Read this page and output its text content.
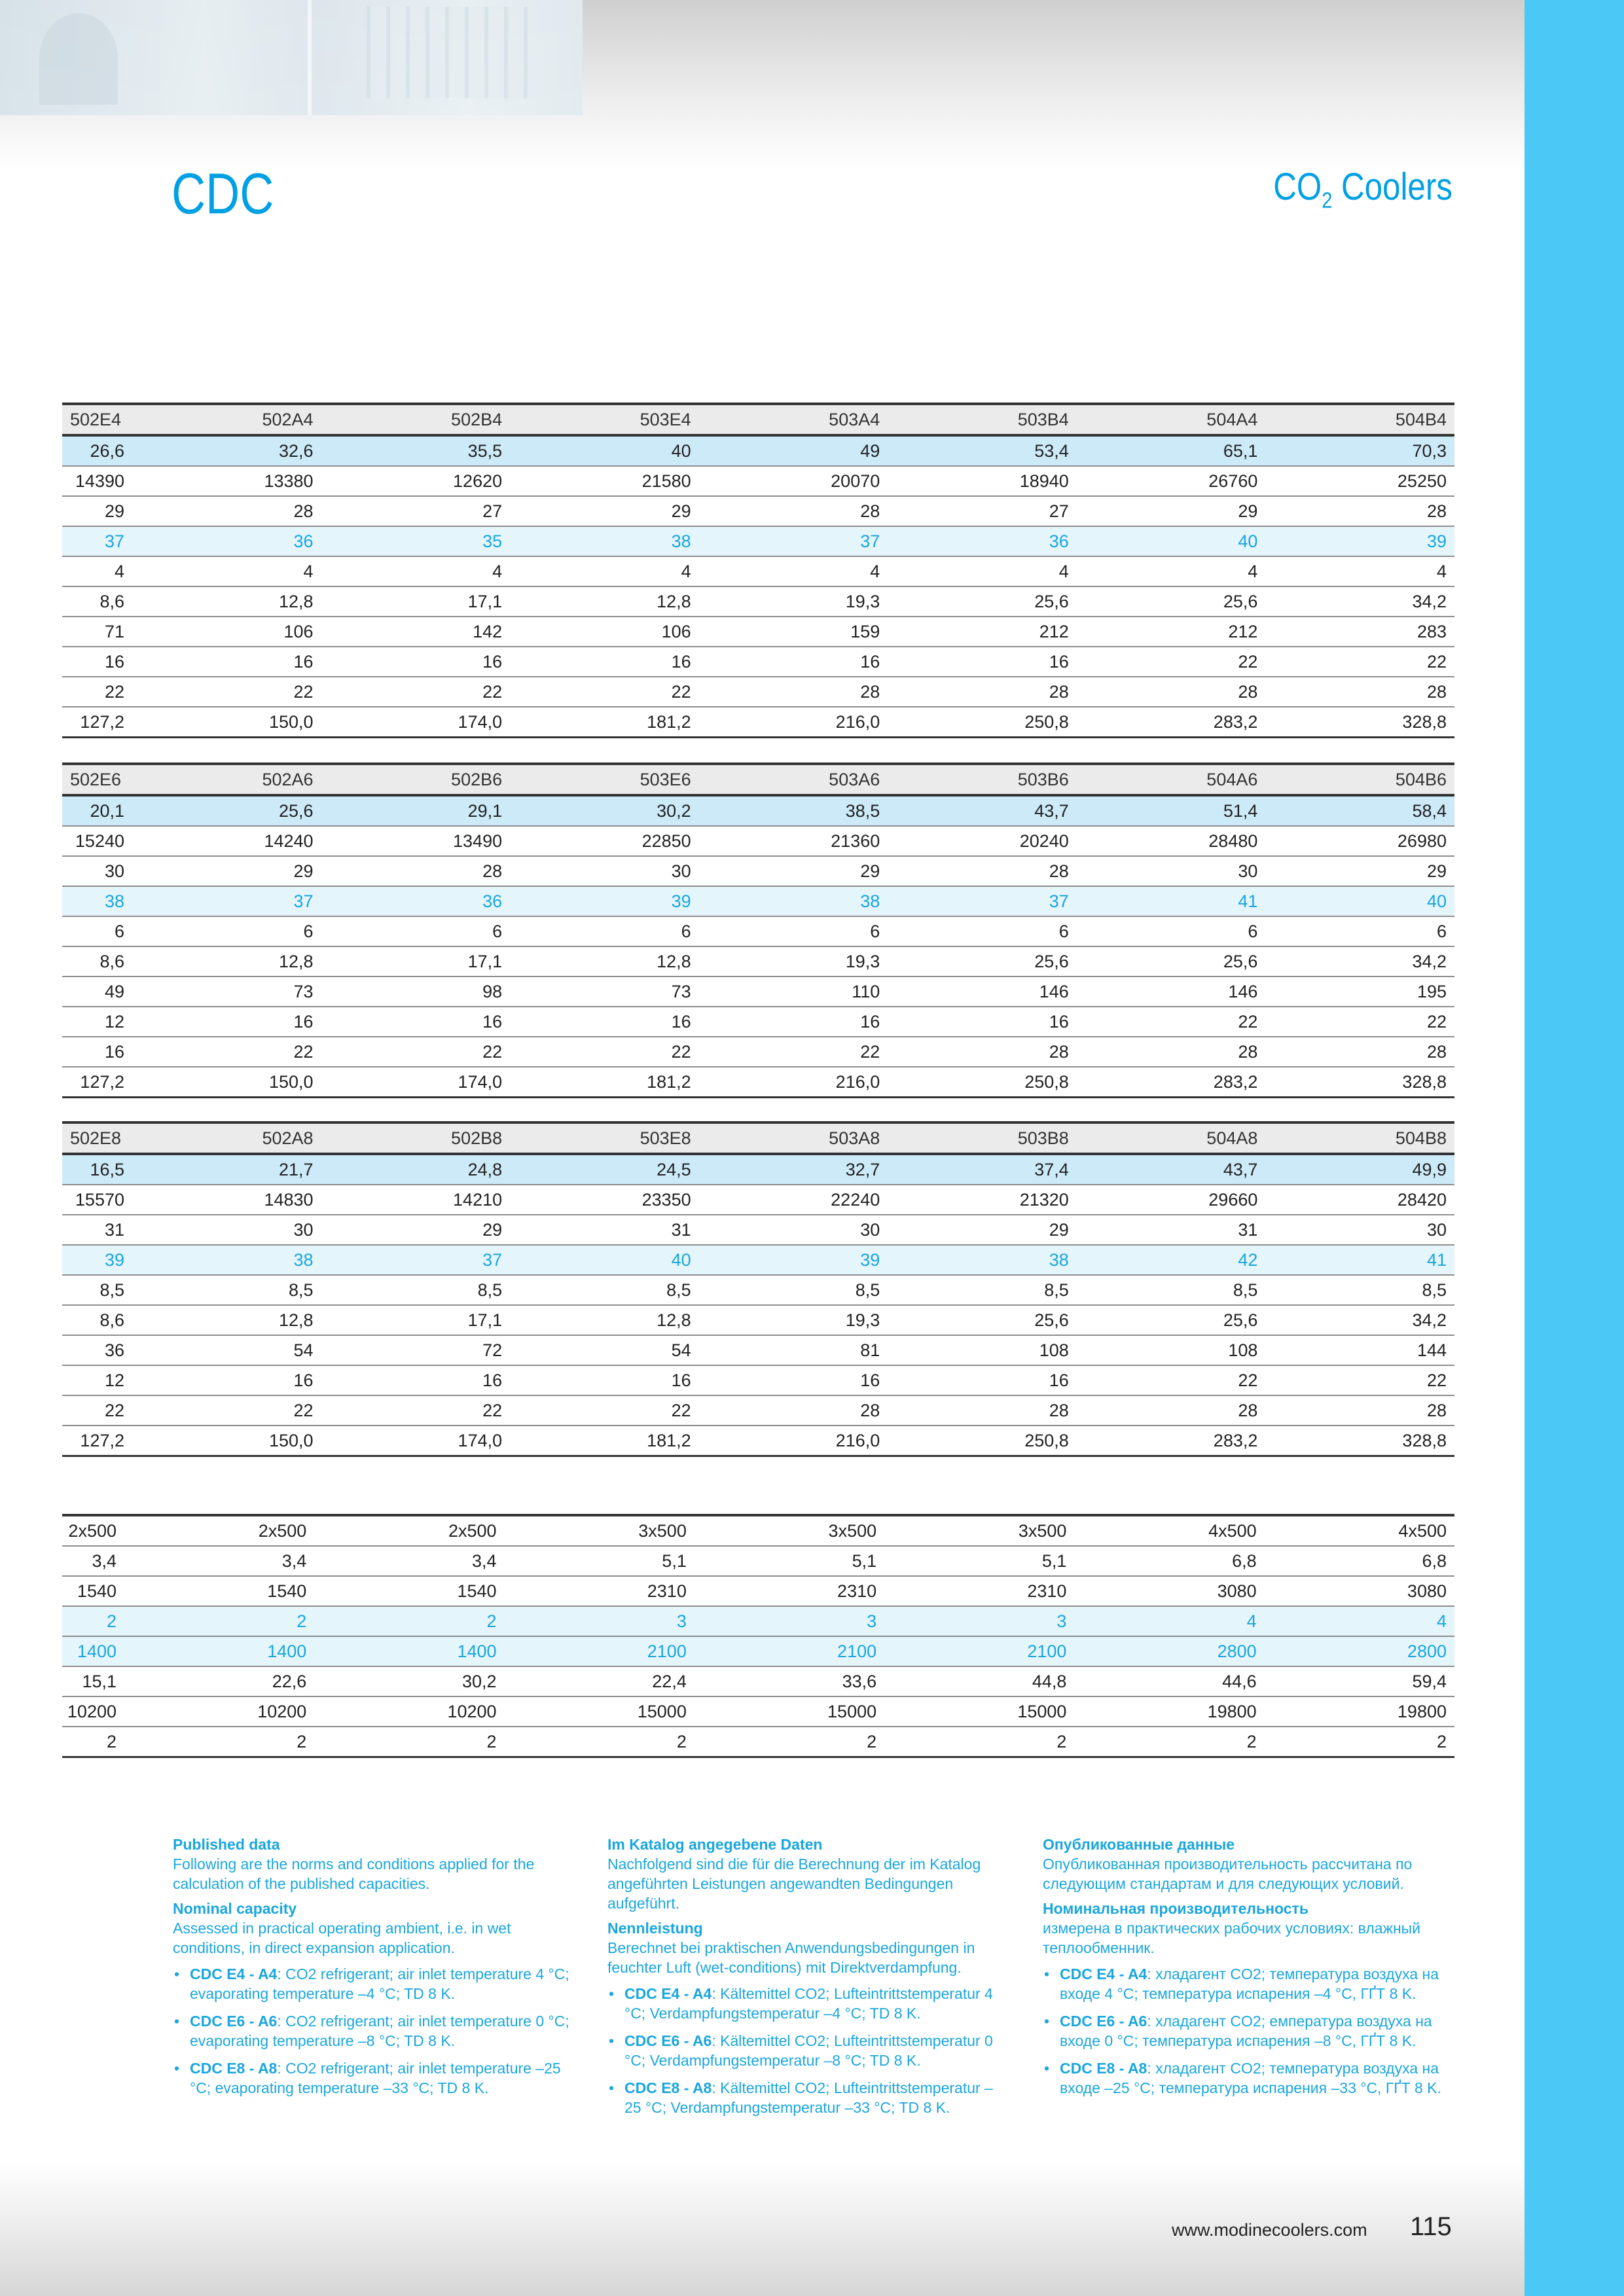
CDC	$CO_2$ Coolers
502E4	502A4	502B4	503E4	503A4	503B4	504A4	504B4
26,6	32,6	35,5	40	49	53,4	65,1	70,3
14390	13380	12620	21580	20070	18940	26760	25250
29	28	27	29	28	27	29	28
37	36	35	38	37	36	40	39
4	4	4	4	4	4	4	4
8,6	12,8	17,1	12,8	19,3	25,6	25,6	34,2
71	106	142	106	159	212	212	283
16	16	16	16	16	16	22	22
22	22	22	22	28	28	28	28
127,2	150,0	174,0	181,2	216,0	250,8	283,2	328,8
502E6	502A6	502B6	503E6	503A6	503B6	504A6	504B6
20,1	25,6	29,1	30,2	38,5	43,7	51,4	58,4
15240	14240	13490	22850	21360	20240	28480	26980
30	29	28	30	29	28	30	29
38	37	36	39	38	37	41	40
6	6	6	6	6	6	6	6
8,6	12,8	17,1	12,8	19,3	25,6	25,6	34,2
49	73	98	73	110	146	146	195
12	16	16	16	16	16	22	22
16	22	22	22	22	28	28	28
127,2	150,0	174,0	181,2	216,0	250,8	283,2	328,8
502E8	502A8	502B8	503E8	503A8	503B8	504A8	504B8
16,5	21,7	24,8	24,5	32,7	37,4	43,7	49,9
15570	14830	14210	23350	22240	21320	29660	28420
31	30	29	31	30	29	31	30
39	38	37	40	39	38	42	41
8,5	8,5	8,5	8,5	8,5	8,5	8,5	8,5
8,6	12,8	17,1	12,8	19,3	25,6	25,6	34,2
36	54	72	54	81	108	108	144
12	16	16	16	16	16	22	22
22	22	22	22	28	28	28	28
127,2	150,0	174,0	181,2	216,0	250,8	283,2	328,8
2x500	2x500	2x500	3x500	3x500	3x500	4x500	4x500
3,4	3,4	3,4	5,1	5,1	5,1	6,8	6,8
1540	1540	1540	2310	2310	2310	3080	3080
2	2	2	3	3	3	4	4
1400	1400	1400	2100	2100	2100	2800	2800
15,1	22,6	30,2	22,4	33,6	44,8	44,6	59,4
10200	10200	10200	15000	15000	15000	19800	19800
2	2	2	2	2	2	2	2
Published data

Following are the norms and conditions applied for the calculation of the published capacities.

Nominal capacity

Assessed in practical operating ambient, i.e. in wet conditions, in direct expansion application.

• CDC E4 - A4: CO2 refrigerant; air inlet temperature 4 °C; evaporating temperature –4 °C; TD 8 K.
• CDC E6 - A6: CO2 refrigerant; air inlet temperature 0 °C; evaporating temperature –8 °C; TD 8 K.
• CDC E8 - A8: CO2 refrigerant; air inlet temperature –25 °C; evaporating temperature –33 °C; TD 8 K.
Im Katalog angegebene Daten

Nachfolgend sind die für die Berechnung der im Katalog angeführten Leistungen angewandten Bedingungen aufgeführt.

Nennleistung

Berechnet bei praktischen Anwendungsbedingungen in feuchter Luft (wet-conditions) mit Direktverdampfung.

• CDC E4 - A4: Kältemittel CO2; Lufteintrittstemperatur 4 °C; Verdampfungstemperatur –4 °C; TD 8 K.
• CDC E6 - A6: Kältemittel CO2; Lufteintrittstemperatur 0 °C; Verdampfungstemperatur –8 °C; TD 8 K.
• CDC E8 - A8: Kältemittel CO2; Lufteintrittstemperatur –25 °C; Verdampfungstemperatur –33 °C; TD 8 K.
Опубликованные данные

Опубликованная производительность рассчитана по следующим стандартам и для следующих условий.

Номинальная производительность

измерена в практических рабочих условиях: влажный теплообменник.

• CDC E4 - A4: хладагент CO2; температура воздуха на входе 4 °C; температура испарения –4 °C, ГҐТ 8 K.
• CDC E6 - A6: хладагент CO2; емпература воздуха на входе 0 °C; температура испарения –8 °C, ГҐТ 8 K.
• CDC E8 - A8: хладагент CO2; температура воздуха на входе –25 °C; температура испарения –33 °C, ГҐТ 8 K.
www.modinecoolers.com 115
